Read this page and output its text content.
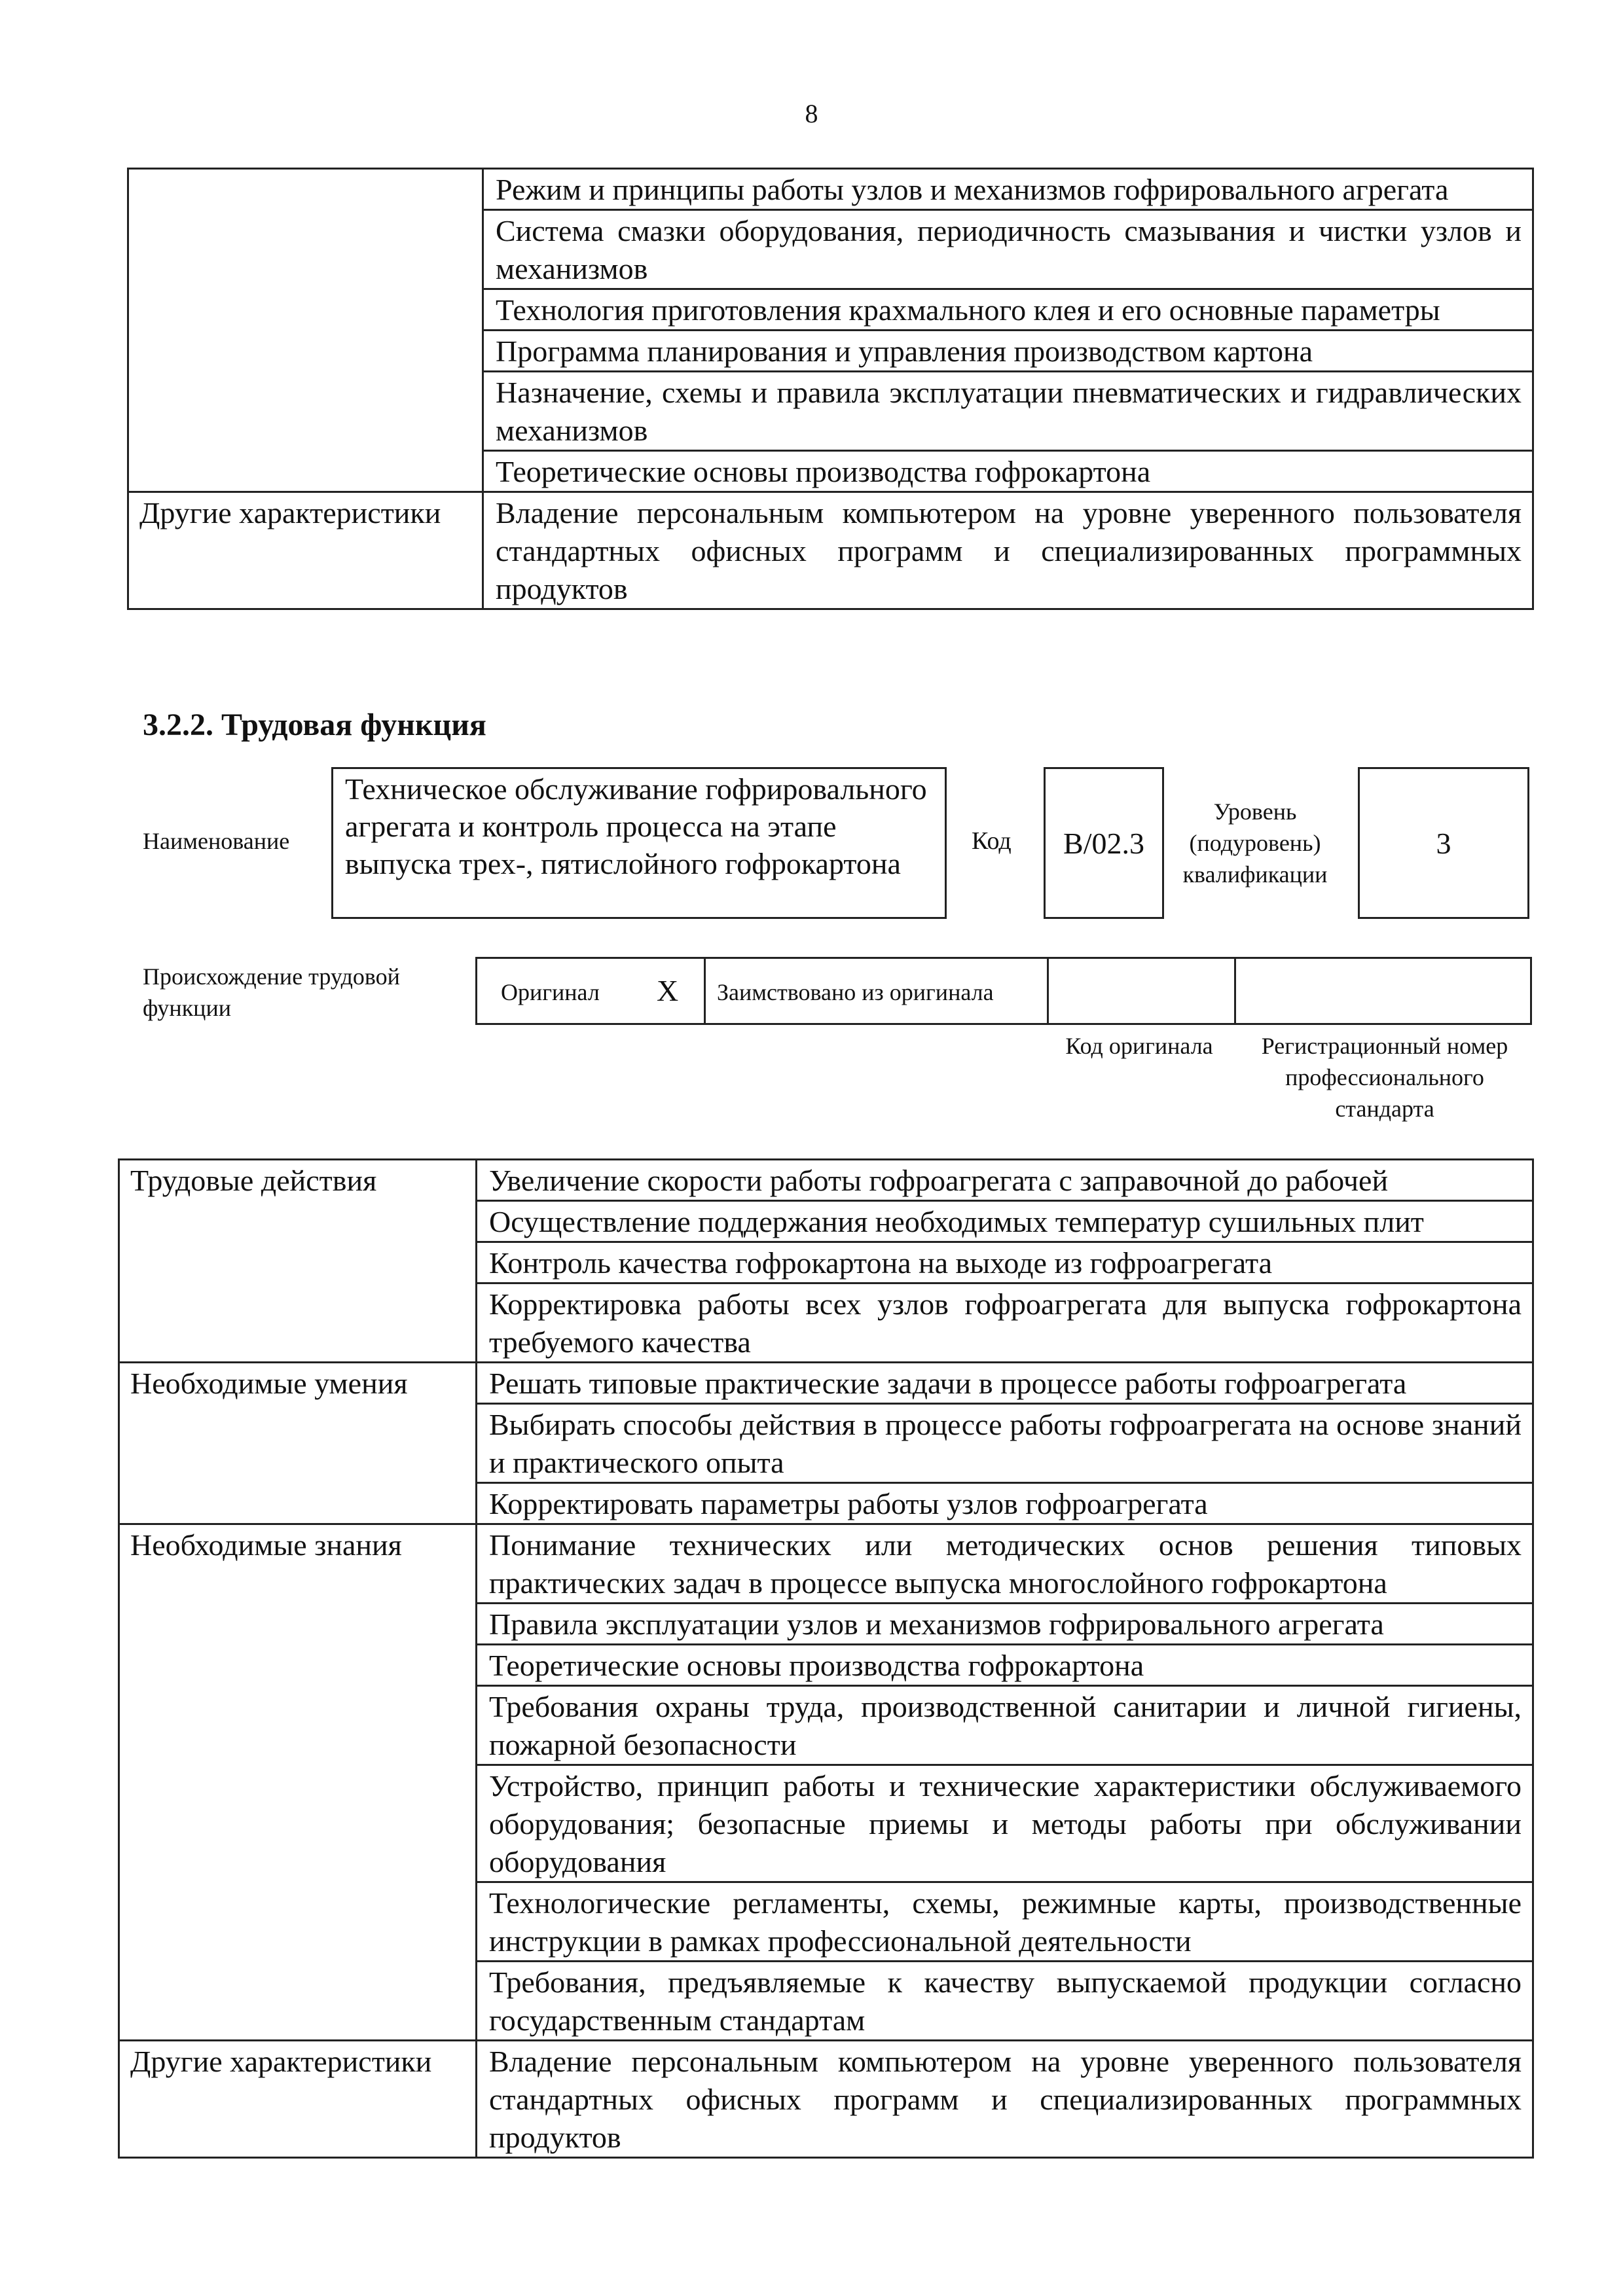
8
	Режим и принципы работы узлов и механизмов гофрировального агрегата
	Система смазки оборудования, периодичность смазывания и чистки узлов и механизмов
	Технология приготовления крахмального клея и его основные параметры
	Программа планирования и управления производством картона
	Назначение, схемы и правила эксплуатации пневматических и гидравлических механизмов
	Теоретические основы производства гофрокартона
Другие характеристики	Владение персональным компьютером на уровне уверенного пользователя стандартных офисных программ и специализированных программных продуктов
3.2.2. Трудовая функция
Наименование
Техническое обслуживание гофрировального агрегата и контроль процесса на этапе выпуска трех-, пятислойного гофрокартона
Код B/02.3
Уровень (подуровень) квалификации
3
Происхождение трудовой функции
Оригинал X Заимствовано из оригинала
Код оригинала	Регистрационный номер профессионального стандарта
Трудовые действия	Увеличение скорости работы гофроагрегата с заправочной до рабочей
	Осуществление поддержания необходимых температур сушильных плит
	Контроль качества гофрокартона на выходе из гофроагрегата
	Корректировка работы всех узлов гофроагрегата для выпуска гофрокартона требуемого качества
Необходимые умения	Решать типовые практические задачи в процессе работы гофроагрегата
	Выбирать способы действия в процессе работы гофроагрегата на основе знаний и практического опыта
	Корректировать параметры работы узлов гофроагрегата
Необходимые знания	Понимание технических или методических основ решения типовых практических задач в процессе выпуска многослойного гофрокартона
	Правила эксплуатации узлов и механизмов гофрировального агрегата
	Теоретические основы производства гофрокартона
	Требования охраны труда, производственной санитарии и личной гигиены, пожарной безопасности
	Устройство, принцип работы и технические характеристики обслуживаемого оборудования; безопасные приемы и методы работы при обслуживании оборудования
	Технологические регламенты, схемы, режимные карты, производственные инструкции в рамках профессиональной деятельности
	Требования, предъявляемые к качеству выпускаемой продукции согласно государственным стандартам
Другие характеристики	Владение персональным компьютером на уровне уверенного пользователя стандартных офисных программ и специализированных программных продуктов
